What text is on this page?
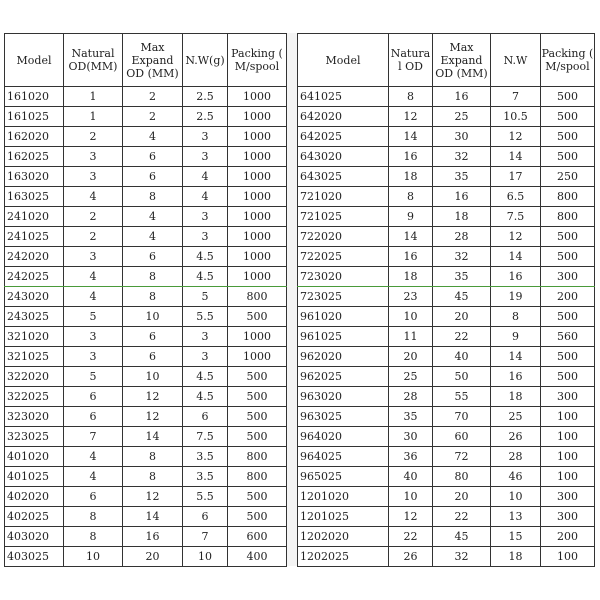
Model	Natural OD(MM)	Max Expand OD (MM)	N.W(g)	Packing ( M/spool
161020	1	2	2.5	1000
161025	1	2	2.5	1000
162020	2	4	3	1000
162025	3	6	3	1000
163020	3	6	4	1000
163025	4	8	4	1000
241020	2	4	3	1000
241025	2	4	3	1000
242020	3	6	4.5	1000
242025	4	8	4.5	1000
243020	4	8	5	800
243025	5	10	5.5	500
321020	3	6	3	1000
321025	3	6	3	1000
322020	5	10	4.5	500
322025	6	12	4.5	500
323020	6	12	6	500
323025	7	14	7.5	500
401020	4	8	3.5	800
401025	4	8	3.5	800
402020	6	12	5.5	500
402025	8	14	6	500
403020	8	16	7	600
403025	10	20	10	400
Model	Natura l OD	Max Expand OD (MM)	N.W	Packing ( M/spool
641025	8	16	7	500
642020	12	25	10.5	500
642025	14	30	12	500
643020	16	32	14	500
643025	18	35	17	250
721020	8	16	6.5	800
721025	9	18	7.5	800
722020	14	28	12	500
722025	16	32	14	500
723020	18	35	16	300
723025	23	45	19	200
961020	10	20	8	500
961025	11	22	9	560
962020	20	40	14	500
962025	25	50	16	500
963020	28	55	18	300
963025	35	70	25	100
964020	30	60	26	100
964025	36	72	28	100
965025	40	80	46	100
1201020	10	20	10	300
1201025	12	22	13	300
1202020	22	45	15	200
1202025	26	32	18	100
